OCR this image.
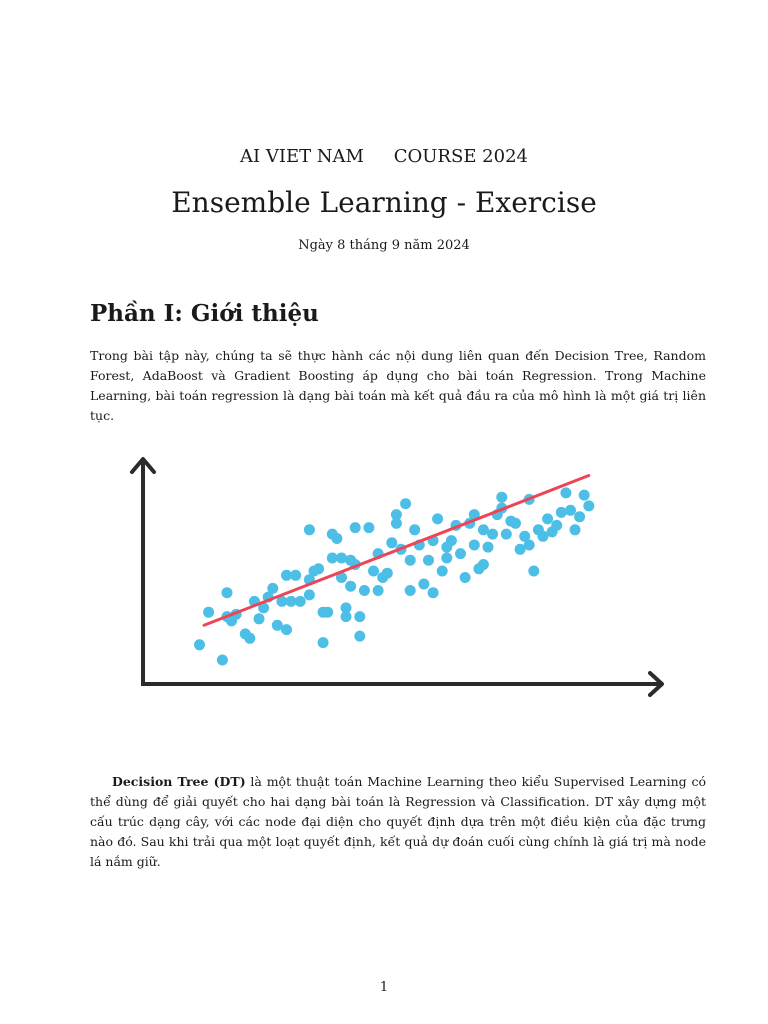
AI VIET NAM COURSE 2024
Ensemble Learning - Exercise
Ngày 8 tháng 9 năm 2024
Phần I: Giới thiệu

Trong bài tập này, chúng ta sẽ thực hành các nội dung liên quan đến Decision Tree, Random Forest, AdaBoost và Gradient Boosting áp dụng cho bài toán Regression. Trong Machine Learning, bài toán regression là dạng bài toán mà kết quả đầu ra của mô hình là một giá trị liên tục.

Decision Tree (DT) là một thuật toán Machine Learning theo kiểu Supervised Learning có thể dùng để giải quyết cho hai dạng bài toán là Regression và Classification. DT xây dựng một cấu trúc dạng cây, với các node đại diện cho quyết định dựa trên một điều kiện của đặc trưng nào đó. Sau khi trải qua một loạt quyết định, kết quả dự đoán cuối cùng chính là giá trị mà node lá nắm giữ.

1
